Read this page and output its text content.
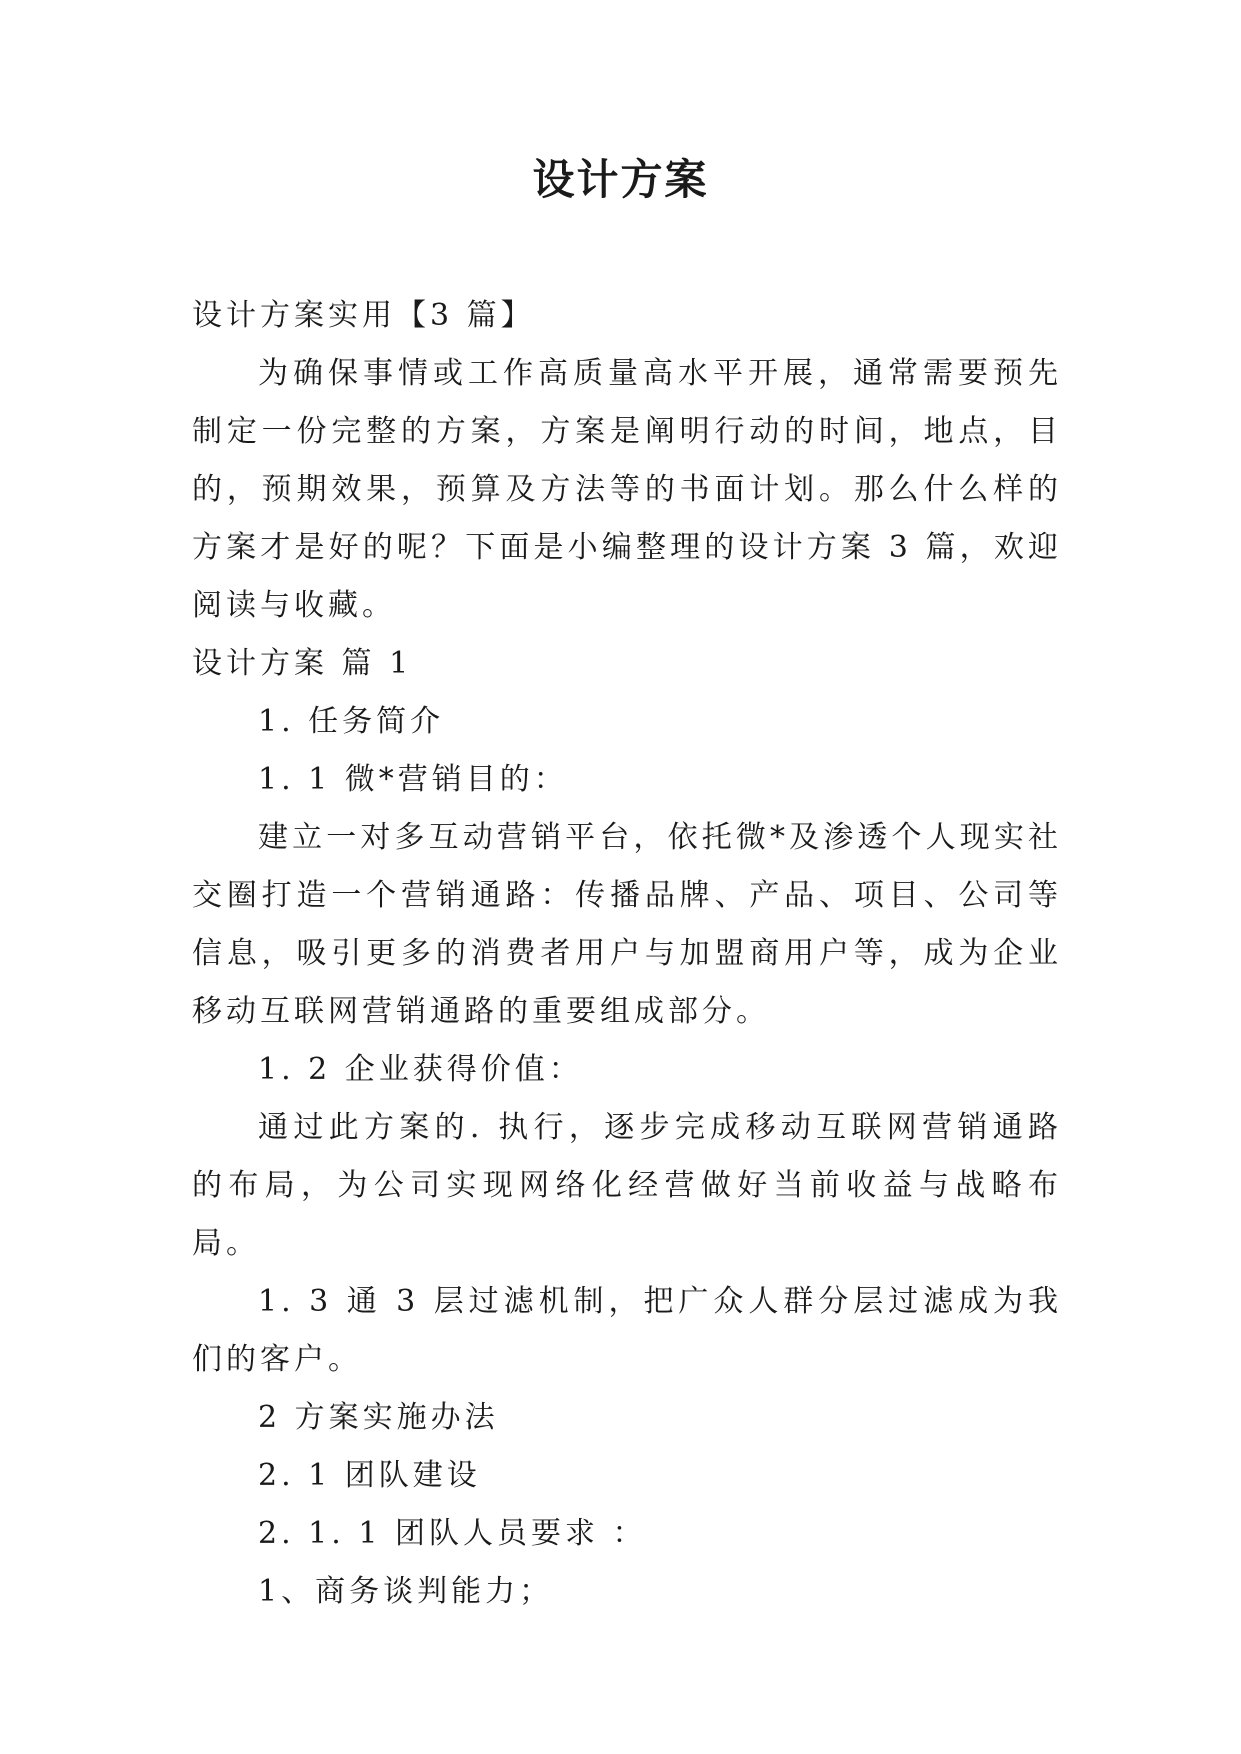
设计方案

设计方案实用【3 篇】

为确保事情或工作高质量高水平开展，通常需要预先制定一份完整的方案，方案是阐明行动的时间，地点，目的，预期效果，预算及方法等的书面计划。那么什么样的方案才是好的呢？下面是小编整理的设计方案 3 篇，欢迎阅读与收藏。

设计方案 篇 1

1. 任务简介

1. 1 微*营销目的：

建立一对多互动营销平台，依托微*及渗透个人现实社交圈打造一个营销通路：传播品牌、产品、项目、公司等信息，吸引更多的消费者用户与加盟商用户等，成为企业移动互联网营销通路的重要组成部分。

1. 2 企业获得价值：

通过此方案的. 执行，逐步完成移动互联网营销通路的布局，为公司实现网络化经营做好当前收益与战略布局。

1. 3 通 3 层过滤机制，把广众人群分层过滤成为我们的客户。

2 方案实施办法

2. 1 团队建设

2. 1. 1 团队人员要求 ：

1、商务谈判能力；
